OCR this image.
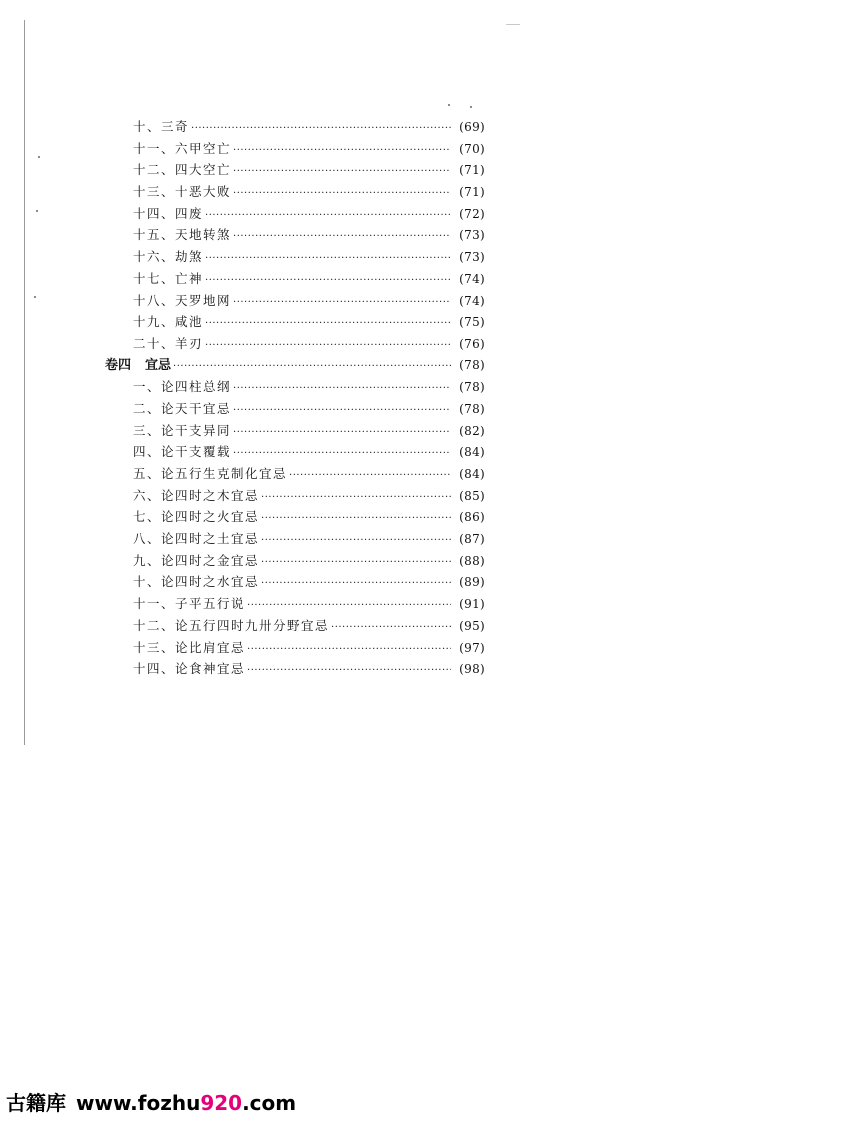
十、三奇 ·····	(69)
十一、六甲空亡 ·····	(70)
十二、四大空亡 ·····	(71)
十三、十恶大败 ·····	(71)
十四、四废 ·····	(72)
十五、天地转煞 ·····	(73)
十六、劫煞 ·····	(73)
十七、亡神 ·····	(74)
十八、天罗地网 ·····	(74)
十九、咸池 ·····	(75)
二十、羊刃 ·····	(76)
卷四 宜忌 ·····	(78)
一、论四柱总纲 ·····	(78)
二、论天干宜忌 ·····	(78)
三、论干支异同 ·····	(82)
四、论干支覆载 ·····	(84)
五、论五行生克制化宜忌 ·····	(84)
六、论四时之木宜忌 ·····	(85)
七、论四时之火宜忌 ·····	(86)
八、论四时之土宜忌 ·····	(87)
九、论四时之金宜忌 ·····	(88)
十、论四时之水宜忌 ·····	(89)
十一、子平五行说 ·····	(91)
十二、论五行四时九卅分野宜忌 ·····	(95)
十三、论比肩宜忌 ·····	(97)
十四、论食神宜忌 ·····	(98)
古籍库 www.fozhu920.com
